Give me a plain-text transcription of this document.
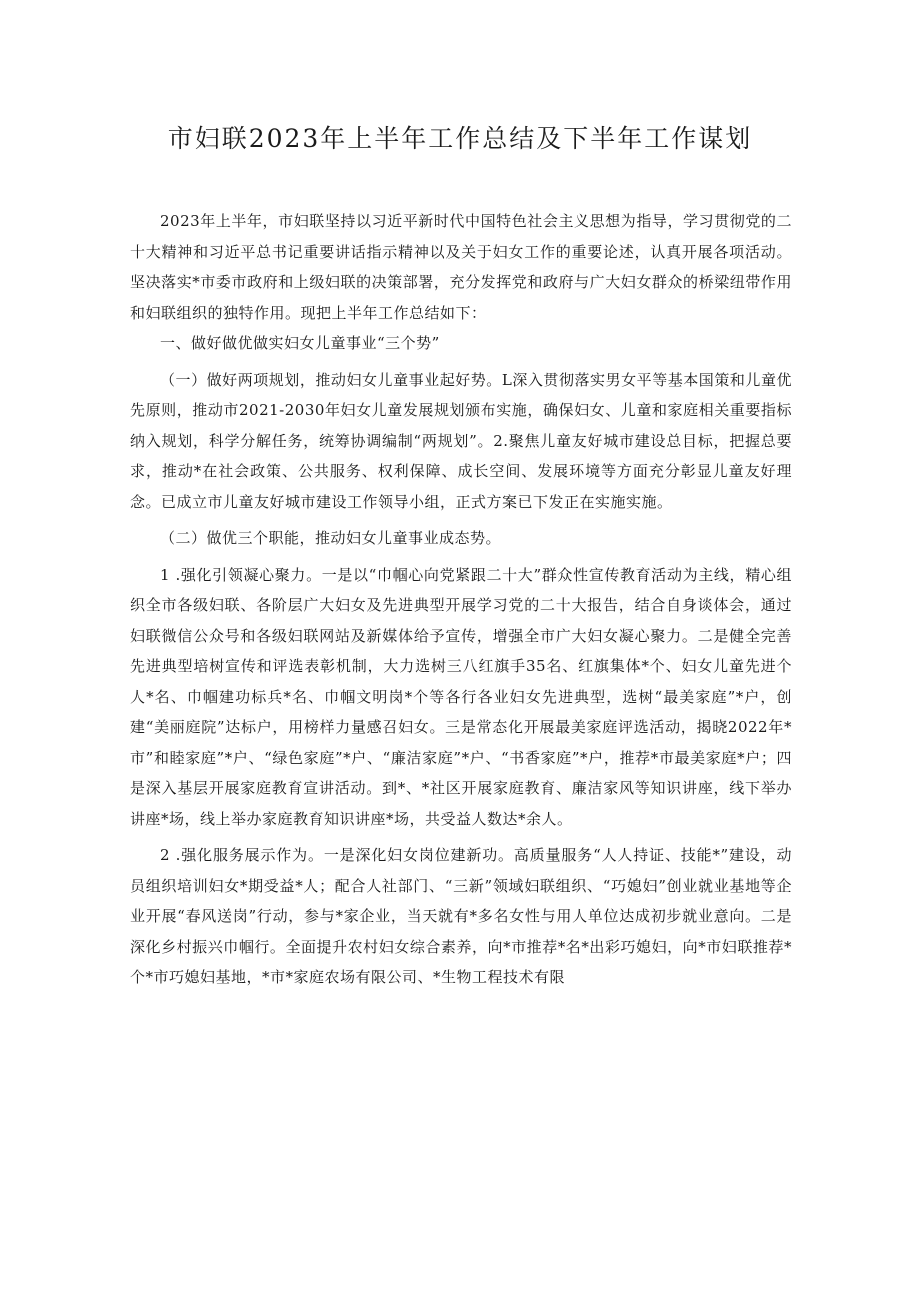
市妇联2023年上半年工作总结及下半年工作谋划

2023年上半年，市妇联坚持以习近平新时代中国特色社会主义思想为指导，学习贯彻党的二十大精神和习近平总书记重要讲话指示精神以及关于妇女工作的重要论述，认真开展各项活动。坚决落实*市委市政府和上级妇联的决策部署，充分发挥党和政府与广大妇女群众的桥梁纽带作用和妇联组织的独特作用。现把上半年工作总结如下：

一、做好做优做实妇女儿童事业“三个势”

（一）做好两项规划，推动妇女儿童事业起好势。L深入贯彻落实男女平等基本国策和儿童优先原则，推动市2021-2030年妇女儿童发展规划颁布实施，确保妇女、儿童和家庭相关重要指标纳入规划，科学分解任务，统筹协调编制“两规划”。2.聚焦儿童友好城市建设总目标，把握总要求，推动*在社会政策、公共服务、权利保障、成长空间、发展环境等方面充分彰显儿童友好理念。已成立市儿童友好城市建设工作领导小组，正式方案已下发正在实施实施。

（二）做优三个职能，推动妇女儿童事业成态势。

1 .强化引领凝心聚力。一是以“巾帼心向党紧跟二十大”群众性宣传教育活动为主线，精心组织全市各级妇联、各阶层广大妇女及先进典型开展学习党的二十大报告，结合自身谈体会，通过妇联微信公众号和各级妇联网站及新媒体给予宣传，增强全市广大妇女凝心聚力。二是健全完善先进典型培树宣传和评选表彰机制，大力选树三八红旗手35名、红旗集体*个、妇女儿童先进个人*名、巾帼建功标兵*名、巾帼文明岗*个等各行各业妇女先进典型，选树“最美家庭”*户，创建“美丽庭院”达标户，用榜样力量感召妇女。三是常态化开展最美家庭评选活动，揭晓2022年*市”和睦家庭”*户、“绿色家庭”*户、“廉洁家庭”*户、“书香家庭”*户，推荐*市最美家庭*户；四是深入基层开展家庭教育宣讲活动。到*、*社区开展家庭教育、廉洁家风等知识讲座，线下举办讲座*场，线上举办家庭教育知识讲座*场，共受益人数达*余人。

2 .强化服务展示作为。一是深化妇女岗位建新功。高质量服务“人人持证、技能*”建设，动员组织培训妇女*期受益*人；配合人社部门、“三新”领域妇联组织、“巧媳妇”创业就业基地等企业开展“春风送岗”行动，参与*家企业，当天就有*多名女性与用人单位达成初步就业意向。二是深化乡村振兴巾帼行。全面提升农村妇女综合素养，向*市推荐*名*出彩巧媳妇，向*市妇联推荐*个*市巧媳妇基地，*市*家庭农场有限公司、*生物工程技术有限
